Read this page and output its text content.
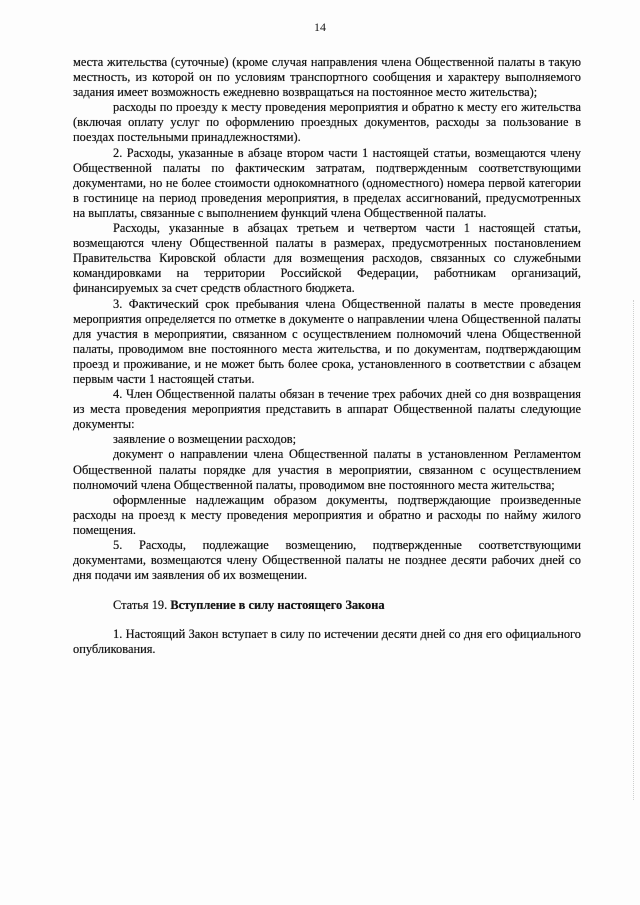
14

места жительства (суточные) (кроме случая направления члена Общественной палаты в такую местность, из которой он по условиям транспортного сообщения и характеру выполняемого задания имеет возможность ежедневно возвращаться на постоянное место жительства);

расходы по проезду к месту проведения мероприятия и обратно к месту его жительства (включая оплату услуг по оформлению проездных документов, расходы за пользование в поездах постельными принадлежностями).

2. Расходы, указанные в абзаце втором части 1 настоящей статьи, возмещаются члену Общественной палаты по фактическим затратам, подтвержденным соответствующими документами, но не более стоимости однокомнатного (одноместного) номера первой категории в гостинице на период проведения мероприятия, в пределах ассигнований, предусмотренных на выплаты, связанные с выполнением функций члена Общественной палаты.

Расходы, указанные в абзацах третьем и четвертом части 1 настоящей статьи, возмещаются члену Общественной палаты в размерах, предусмотренных постановлением Правительства Кировской области для возмещения расходов, связанных со служебными командировками на территории Российской Федерации, работникам организаций, финансируемых за счет средств областного бюджета.

3. Фактический срок пребывания члена Общественной палаты в месте проведения мероприятия определяется по отметке в документе о направлении члена Общественной палаты для участия в мероприятии, связанном с осуществлением полномочий члена Общественной палаты, проводимом вне постоянного места жительства, и по документам, подтверждающим проезд и проживание, и не может быть более срока, установленного в соответствии с абзацем первым части 1 настоящей статьи.

4. Член Общественной палаты обязан в течение трех рабочих дней со дня возвращения из места проведения мероприятия представить в аппарат Общественной палаты следующие документы:

заявление о возмещении расходов;

документ о направлении члена Общественной палаты в установленном Регламентом Общественной палаты порядке для участия в мероприятии, связанном с осуществлением полномочий члена Общественной палаты, проводимом вне постоянного места жительства;

оформленные надлежащим образом документы, подтверждающие произведенные расходы на проезд к месту проведения мероприятия и обратно и расходы по найму жилого помещения.

5. Расходы, подлежащие возмещению, подтвержденные соответствующими документами, возмещаются члену Общественной палаты не позднее десяти рабочих дней со дня подачи им заявления об их возмещении.

Статья 19. Вступление в силу настоящего Закона

1. Настоящий Закон вступает в силу по истечении десяти дней со дня его официального опубликования.
